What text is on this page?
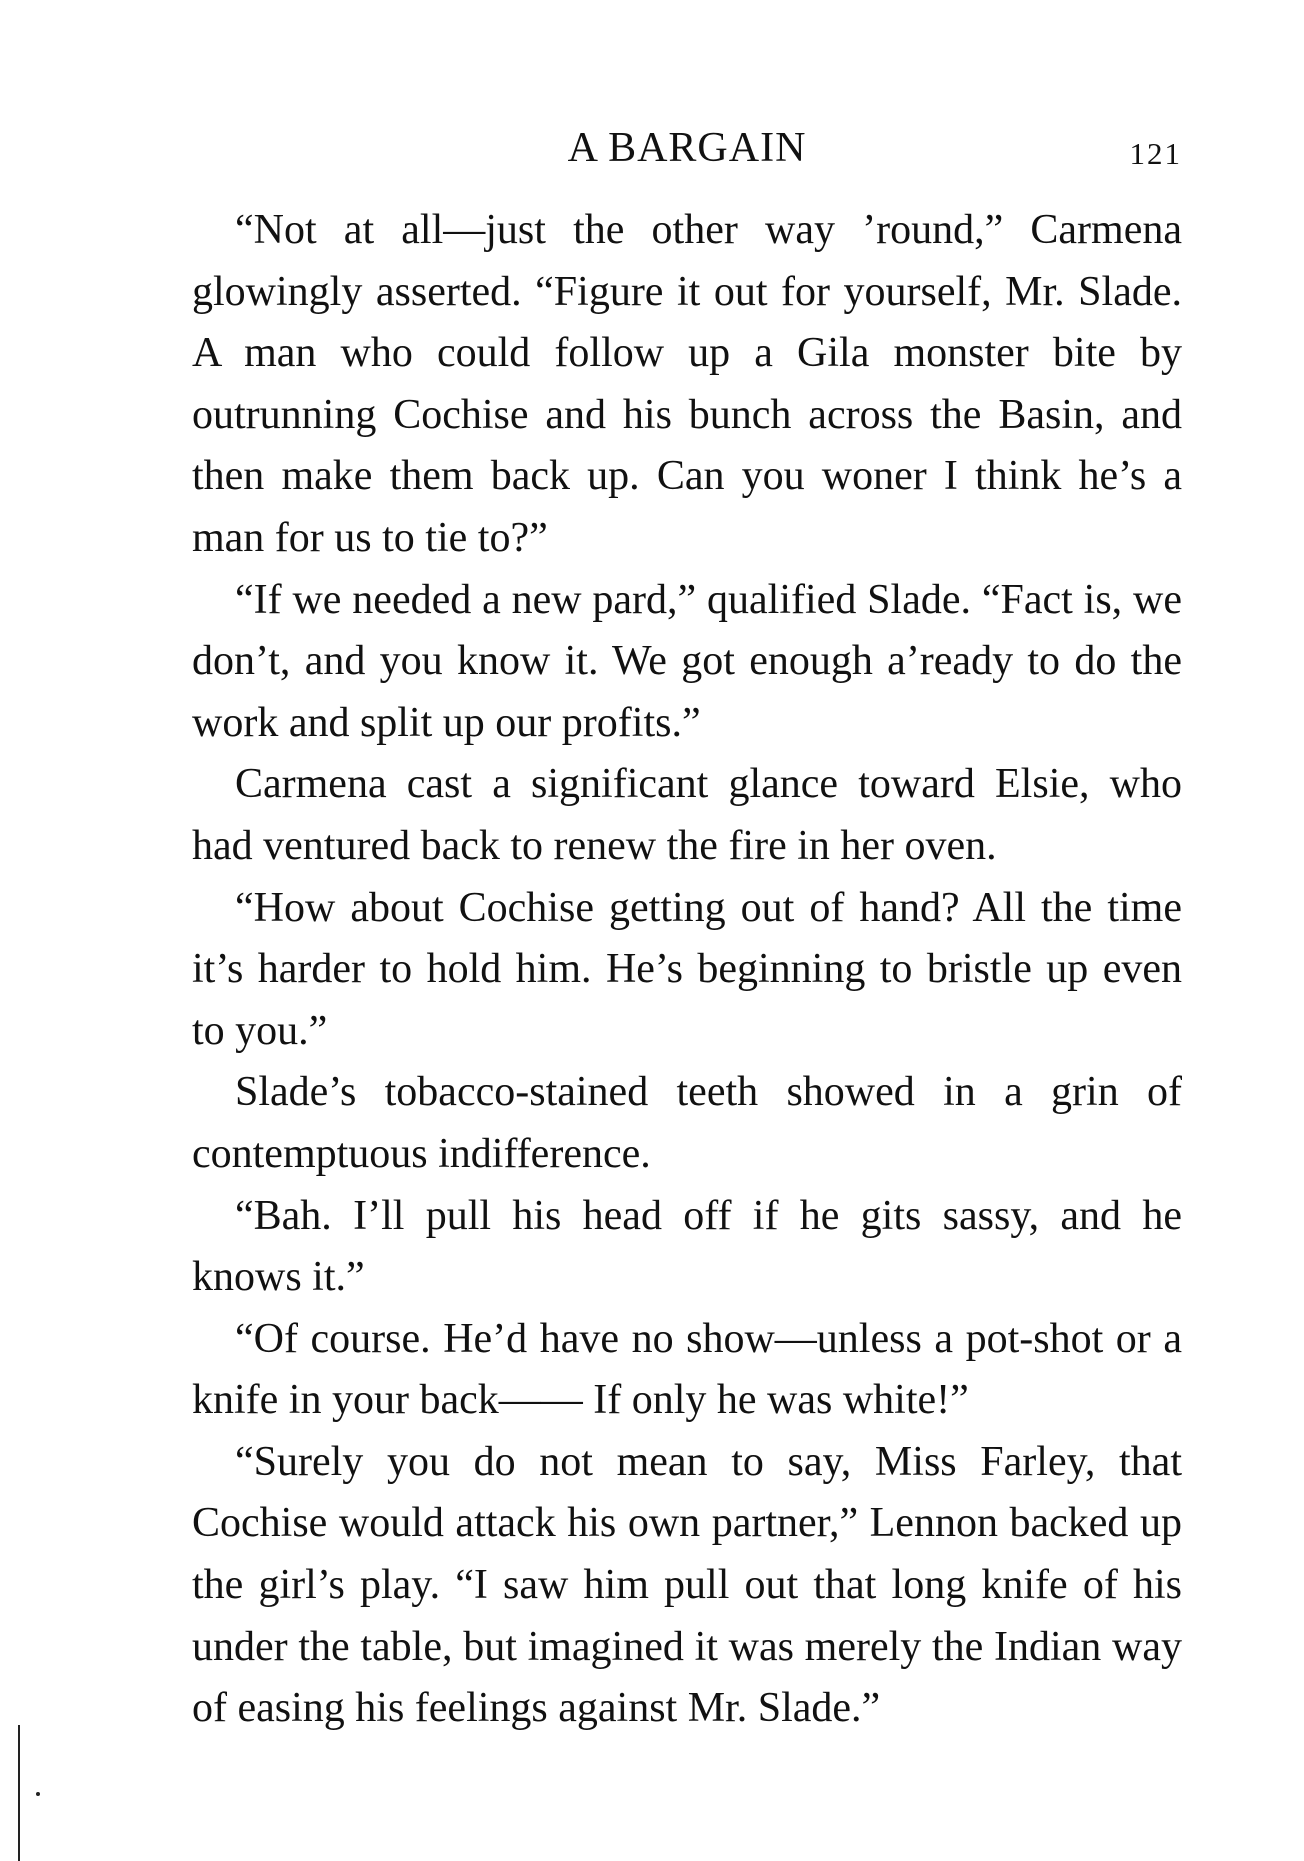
A BARGAIN	121

“Not at all—just the other way ’round,” Carmena glowingly asserted. “Figure it out for yourself, Mr. Slade. A man who could follow up a Gila monster bite by outrunning Cochise and his bunch across the Basin, and then make them back up. Can you woner I think he’s a man for us to tie to?”

“If we needed a new pard,” qualified Slade. “Fact is, we don’t, and you know it. We got enough a’ready to do the work and split up our profits.”

Carmena cast a significant glance toward Elsie, who had ventured back to renew the fire in her oven.

“How about Cochise getting out of hand? All the time it’s harder to hold him. He’s beginning to bristle up even to you.”

Slade’s tobacco-stained teeth showed in a grin of contemptuous indifference.

“Bah. I’ll pull his head off if he gits sassy, and he knows it.”

“Of course. He’d have no show—unless a pot-shot or a knife in your back—— If only he was white!”

“Surely you do not mean to say, Miss Farley, that Cochise would attack his own partner,” Lennon backed up the girl’s play. “I saw him pull out that long knife of his under the table, but imagined it was merely the Indian way of easing his feelings against Mr. Slade.”
